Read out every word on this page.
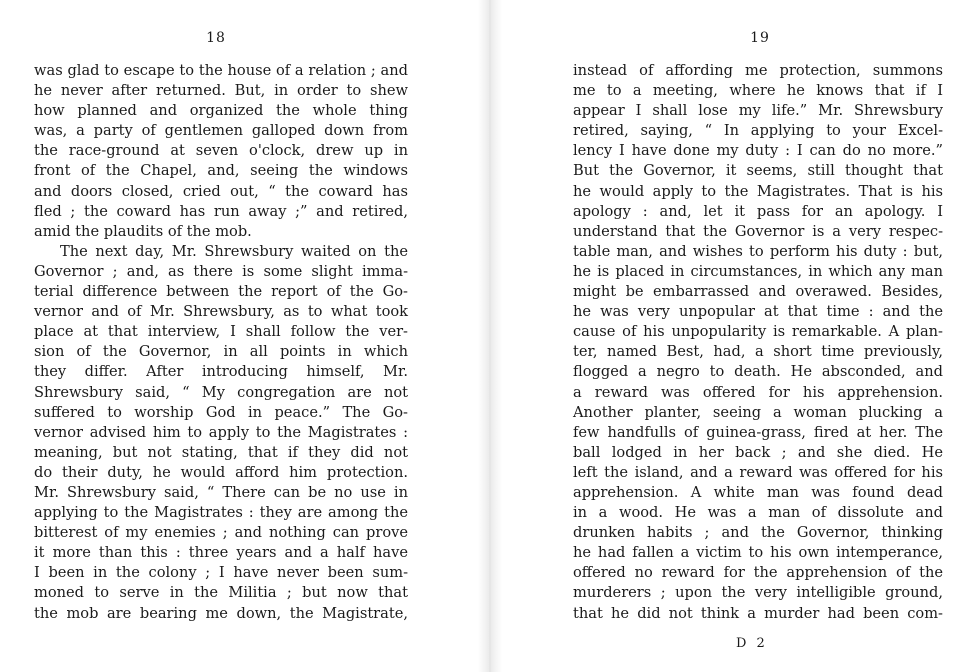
18
was glad to escape to the house of a relation ; and
he never after returned. But, in order to shew
how planned and organized the whole thing
was, a party of gentlemen galloped down from
the race-ground at seven o'clock, drew up in
front of the Chapel, and, seeing the windows
and doors closed, cried out, “ the coward has
fled ; the coward has run away ;” and retired,
amid the plaudits of the mob.
The next day, Mr. Shrewsbury waited on the
Governor ; and, as there is some slight imma-
terial difference between the report of the Go-
vernor and of Mr. Shrewsbury, as to what took
place at that interview, I shall follow the ver-
sion of the Governor, in all points in which
they differ. After introducing himself, Mr.
Shrewsbury said, “ My congregation are not
suffered to worship God in peace.” The Go-
vernor advised him to apply to the Magistrates :
meaning, but not stating, that if they did not
do their duty, he would afford him protection.
Mr. Shrewsbury said, “ There can be no use in
applying to the Magistrates : they are among the
bitterest of my enemies ; and nothing can prove
it more than this : three years and a half have
I been in the colony ; I have never been sum-
moned to serve in the Militia ; but now that
the mob are bearing me down, the Magistrate,
19
instead of affording me protection, summons
me to a meeting, where he knows that if I
appear I shall lose my life.” Mr. Shrewsbury
retired, saying, “ In applying to your Excel-
lency I have done my duty : I can do no more.”
But the Governor, it seems, still thought that
he would apply to the Magistrates. That is his
apology : and, let it pass for an apology. I
understand that the Governor is a very respec-
table man, and wishes to perform his duty : but,
he is placed in circumstances, in which any man
might be embarrassed and overawed. Besides,
he was very unpopular at that time : and the
cause of his unpopularity is remarkable. A plan-
ter, named Best, had, a short time previously,
flogged a negro to death. He absconded, and
a reward was offered for his apprehension.
Another planter, seeing a woman plucking a
few handfulls of guinea-grass, fired at her. The
ball lodged in her back ; and she died. He
left the island, and a reward was offered for his
apprehension. A white man was found dead
in a wood. He was a man of dissolute and
drunken habits ; and the Governor, thinking
he had fallen a victim to his own intemperance,
offered no reward for the apprehension of the
murderers ; upon the very intelligible ground,
that he did not think a murder had been com-
D 2
